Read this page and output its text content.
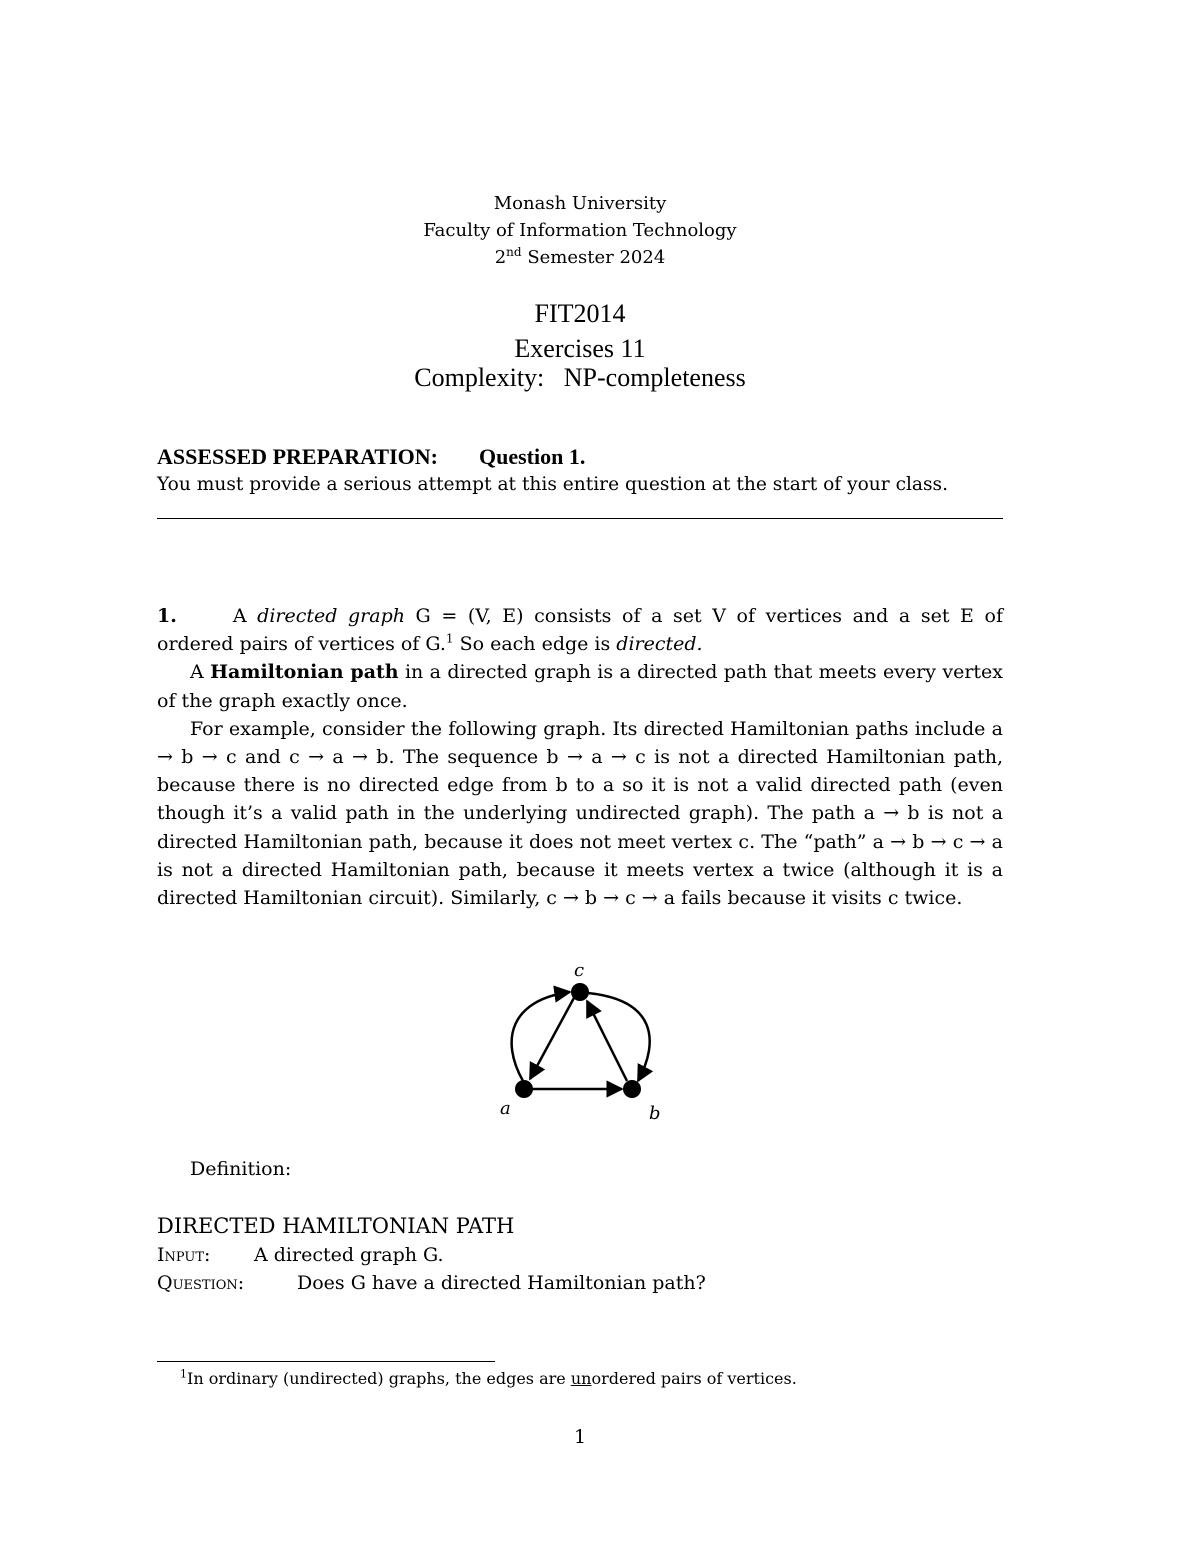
Monash University
Faculty of Information Technology
2nd Semester 2024
FIT2014
Exercises 11
Complexity:   NP-completeness
ASSESSED PREPARATION: Question 1.
You must provide a serious attempt at this entire question at the start of your class.

1.	A directed graph G = (V, E) consists of a set V of vertices and a set E of ordered pairs of vertices of G.$^1$ So each edge is directed.

A Hamiltonian path in a directed graph is a directed path that meets every vertex of the graph exactly once.

For example, consider the following graph. Its directed Hamiltonian paths include a → b → c and c → a → b. The sequence b → a → c is not a directed Hamiltonian path, because there is no directed edge from b to a so it is not a valid directed path (even though it’s a valid path in the underlying undirected graph). The path a → b is not a directed Hamiltonian path, because it does not meet vertex c. The “path” a → b → c → a is not a directed Hamiltonian path, because it meets vertex a twice (although it is a directed Hamiltonian circuit). Similarly, c → b → c → a fails because it visits c twice.

c
a	b
Definition:
DIRECTED HAMILTONIAN PATH
Input: A directed graph G.
Question:	Does G have a directed Hamiltonian path?
$^1$In ordinary (undirected) graphs, the edges are unordered pairs of vertices.
1
